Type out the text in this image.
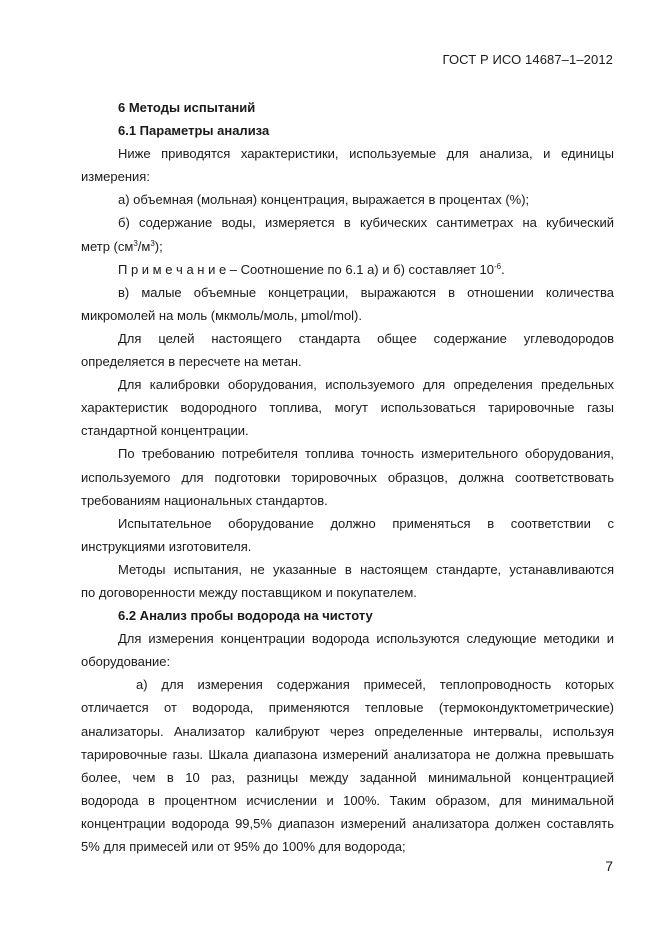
ГОСТ Р ИСО 14687–1–2012
6 Методы испытаний
6.1 Параметры анализа
Ниже приводятся характеристики, используемые для анализа, и единицы
измерения:
а) объемная (мольная) концентрация, выражается в процентах (%);
б) содержание воды, измеряется в кубических сантиметрах на кубический
метр $(см^3/м^3)$;
П р и м е ч а н и е – Соотношение по 6.1 а) и б) составляет $10^{-6}$.
в) малые объемные концетрации, выражаются в отношении количества
микромолей на моль (мкмоль/моль, μmol/mol).
Для целей настоящего стандарта общее содержание углеводородов
определяется в пересчете на метан.
Для калибровки оборудования, используемого для определения предельных
характеристик водородного топлива, могут использоваться тарировочные газы
стандартной концентрации.
По требованию потребителя топлива точность измерительного оборудования,
используемого для подготовки торировочных образцов, должна соответствовать
требованиям национальных стандартов.
Испытательное оборудование должно применяться в соответствии с
инструкциями изготовителя.
Методы испытания, не указанные в настоящем стандарте, устанавливаются
по договоренности между поставщиком и покупателем.
6.2 Анализ пробы водорода на чистоту
Для измерения концентрации водорода используются следующие методики и
оборудование:
а) для измерения содержания примесей, теплопроводность которых
отличается от водорода, применяются тепловые (термокондуктометрические)
анализаторы. Анализатор калибруют через определенные интервалы, используя
тарировочные газы. Шкала диапазона измерений анализатора не должна превышать
более, чем в 10 раз, разницы между заданной минимальной концентрацией
водорода в процентном исчислении и 100%. Таким образом, для минимальной
концентрации водорода 99,5% диапазон измерений анализатора должен составлять
5% для примесей или от 95% до 100% для водорода;
7
